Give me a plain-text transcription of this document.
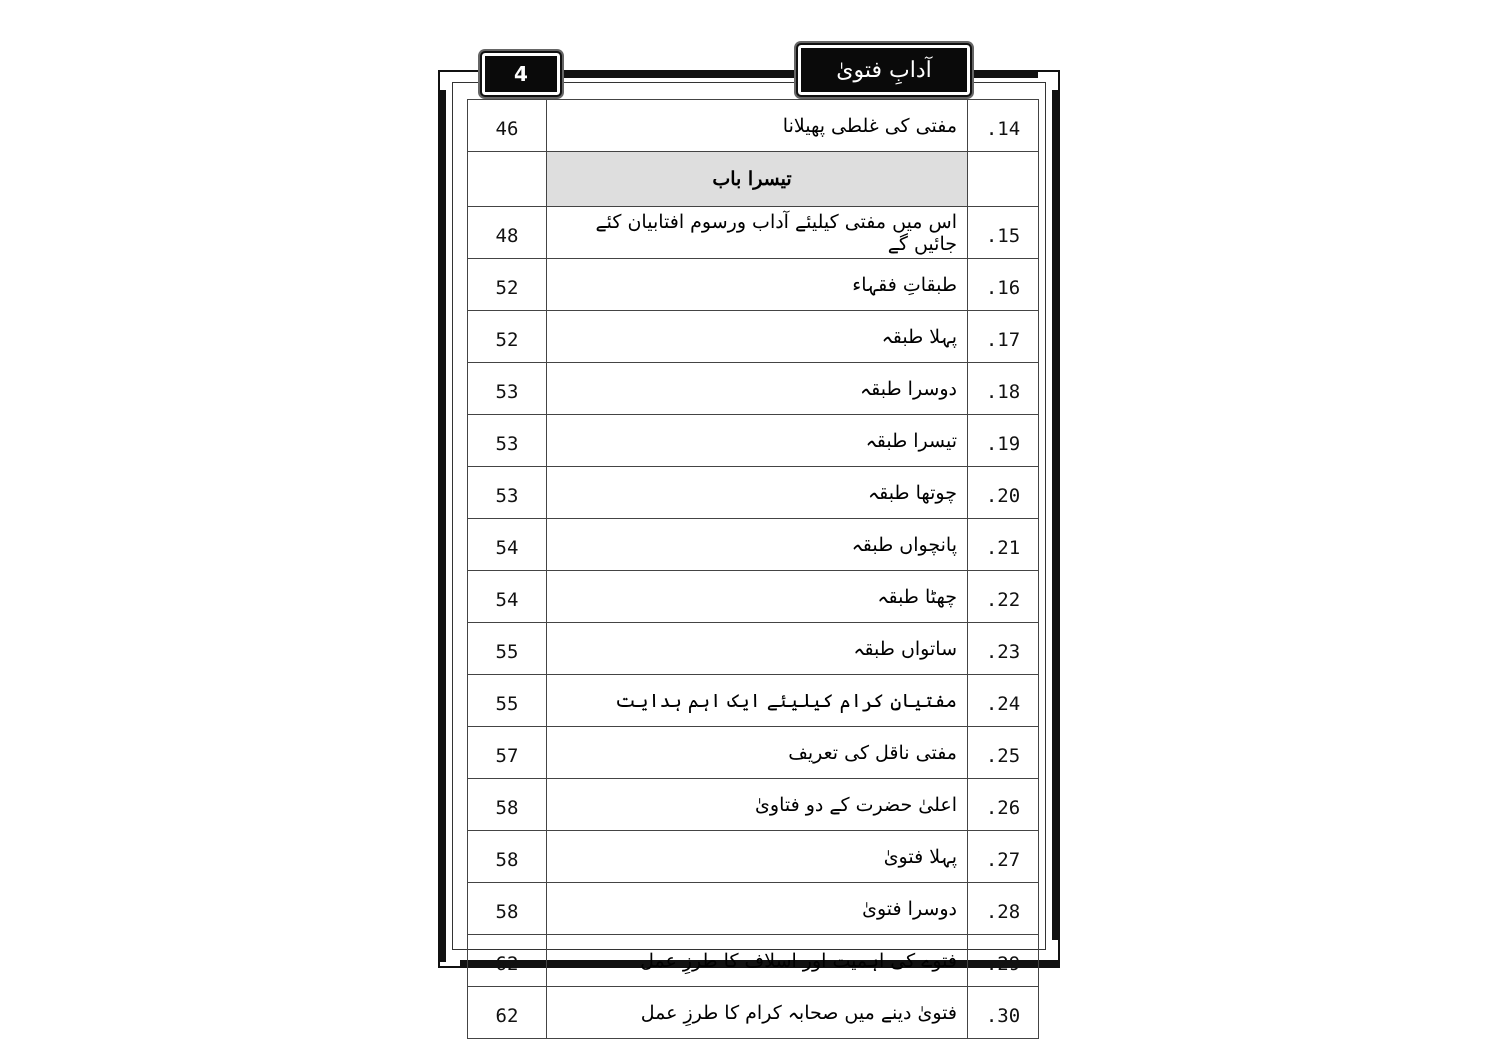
4	آدابِ فتویٰ
46	مفتی کی غلطی پھیلانا	.14
	تیسرا باب	
48	اس میں مفتی کیلیئے آداب ورسوم افتابیان کئے جائیں گے	.15
52	طبقاتِ فقہاء	.16
52	پہلا طبقہ	.17
53	دوسرا طبقہ	.18
53	تیسرا طبقہ	.19
53	چوتھا طبقہ	.20
54	پانچواں طبقہ	.21
54	چھٹا طبقہ	.22
55	ساتواں طبقہ	.23
55	مفتیانِ کرام کیلیئے ایک اہم ہدایت	.24
57	مفتی ناقل کی تعریف	.25
58	اعلیٰ حضرت کے دو فتاویٰ	.26
58	پہلا فتویٰ	.27
58	دوسرا فتویٰ	.28
62	فتوے کی اہمیت اور اسلاف کا طرزِ عمل	.29
62	فتویٰ دینے میں صحابہ کرام کا طرزِ عمل	.30
